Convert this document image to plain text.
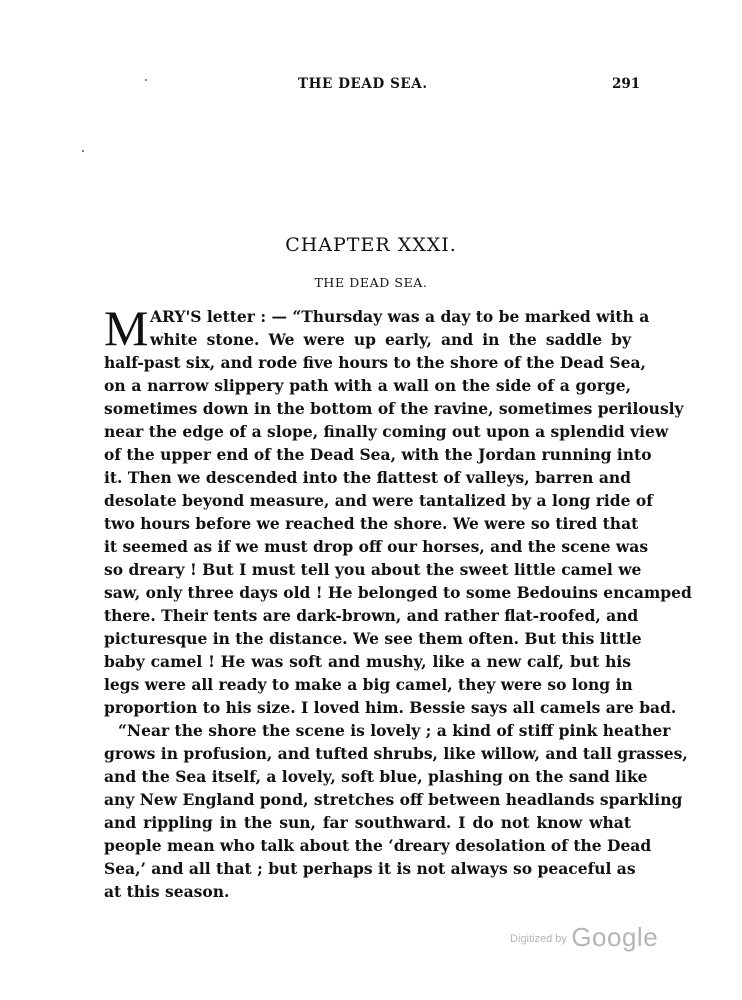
THE DEAD SEA.	291
CHAPTER XXXI.
THE DEAD SEA.
M ARY'S letter : — “Thursday was a day to be marked with a
white stone. We were up early, and in the saddle by
half-past six, and rode five hours to the shore of the Dead Sea,
on a narrow slippery path with a wall on the side of a gorge,
sometimes down in the bottom of the ravine, sometimes perilously
near the edge of a slope, finally coming out upon a splendid view
of the upper end of the Dead Sea, with the Jordan running into
it. Then we descended into the flattest of valleys, barren and
desolate beyond measure, and were tantalized by a long ride of
two hours before we reached the shore. We were so tired that
it seemed as if we must drop off our horses, and the scene was
so dreary ! But I must tell you about the sweet little camel we
saw, only three days old ! He belonged to some Bedouins encamped
there. Their tents are dark-brown, and rather flat-roofed, and
picturesque in the distance. We see them often. But this little
baby camel ! He was soft and mushy, like a new calf, but his
legs were all ready to make a big camel, they were so long in
proportion to his size. I loved him. Bessie says all camels are bad.
“Near the shore the scene is lovely ; a kind of stiff pink heather
grows in profusion, and tufted shrubs, like willow, and tall grasses,
and the Sea itself, a lovely, soft blue, plashing on the sand like
any New England pond, stretches off between headlands sparkling
and rippling in the sun, far southward. I do not know what
people mean who talk about the ‘dreary desolation of the Dead
Sea,’ and all that ; but perhaps it is not always so peaceful as
at this season.
$^{Digitized by}$ Google
